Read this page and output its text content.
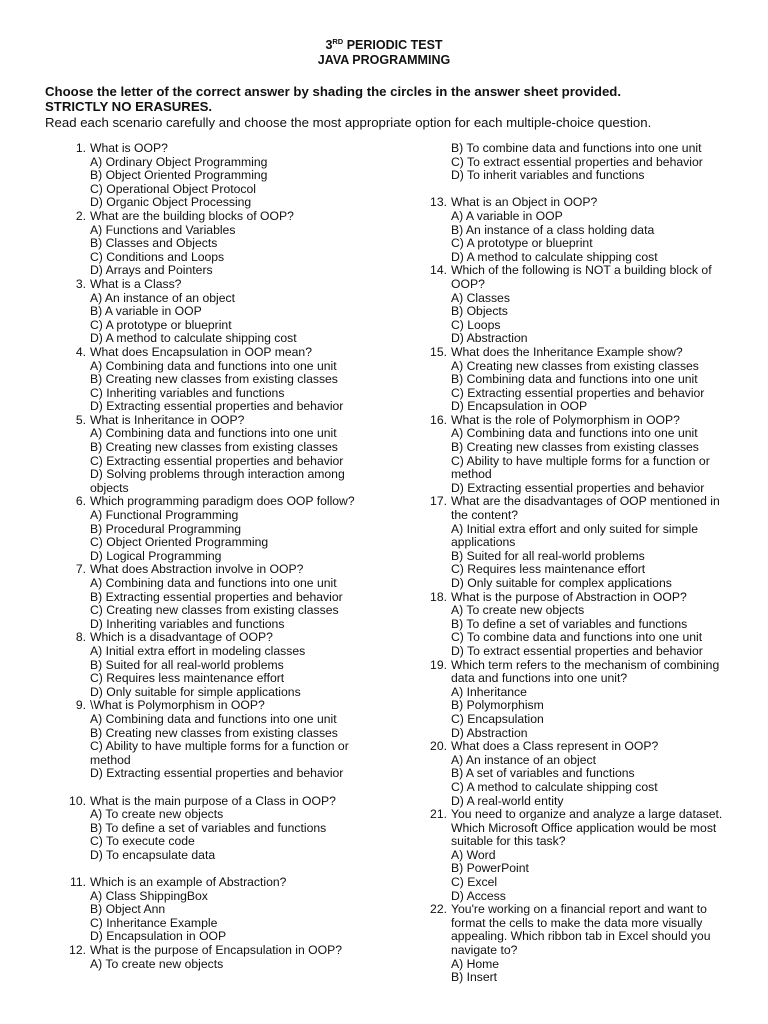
3RD PERIODIC TEST
JAVA PROGRAMMING
Choose the letter of the correct answer by shading the circles in the answer sheet provided.
STRICTLY NO ERASURES.
Read each scenario carefully and choose the most appropriate option for each multiple-choice question.
1. What is OOP?
A) Ordinary Object Programming
B) Object Oriented Programming
C) Operational Object Protocol
D) Organic Object Processing
2. What are the building blocks of OOP?
A) Functions and Variables
B) Classes and Objects
C) Conditions and Loops
D) Arrays and Pointers
3. What is a Class?
A) An instance of an object
B) A variable in OOP
C) A prototype or blueprint
D) A method to calculate shipping cost
4. What does Encapsulation in OOP mean?
A) Combining data and functions into one unit
B) Creating new classes from existing classes
C) Inheriting variables and functions
D) Extracting essential properties and behavior
5. What is Inheritance in OOP?
A) Combining data and functions into one unit
B) Creating new classes from existing classes
C) Extracting essential properties and behavior
D) Solving problems through interaction among objects
6. Which programming paradigm does OOP follow?
A) Functional Programming
B) Procedural Programming
C) Object Oriented Programming
D) Logical Programming
7. What does Abstraction involve in OOP?
A) Combining data and functions into one unit
B) Extracting essential properties and behavior
C) Creating new classes from existing classes
D) Inheriting variables and functions
8. Which is a disadvantage of OOP?
A) Initial extra effort in modeling classes
B) Suited for all real-world problems
C) Requires less maintenance effort
D) Only suitable for simple applications
9. \What is Polymorphism in OOP?
A) Combining data and functions into one unit
B) Creating new classes from existing classes
C) Ability to have multiple forms for a function or method
D) Extracting essential properties and behavior
10. What is the main purpose of a Class in OOP?
A) To create new objects
B) To define a set of variables and functions
C) To execute code
D) To encapsulate data
11. Which is an example of Abstraction?
A) Class ShippingBox
B) Object Ann
C) Inheritance Example
D) Encapsulation in OOP
12. What is the purpose of Encapsulation in OOP?
A) To create new objects
B) To combine data and functions into one unit
C) To extract essential properties and behavior
D) To inherit variables and functions
13. What is an Object in OOP?
A) A variable in OOP
B) An instance of a class holding data
C) A prototype or blueprint
D) A method to calculate shipping cost
14. Which of the following is NOT a building block of OOP?
A) Classes
B) Objects
C) Loops
D) Abstraction
15. What does the Inheritance Example show?
A) Creating new classes from existing classes
B) Combining data and functions into one unit
C) Extracting essential properties and behavior
D) Encapsulation in OOP
16. What is the role of Polymorphism in OOP?
A) Combining data and functions into one unit
B) Creating new classes from existing classes
C) Ability to have multiple forms for a function or method
D) Extracting essential properties and behavior
17. What are the disadvantages of OOP mentioned in the content?
A) Initial extra effort and only suited for simple applications
B) Suited for all real-world problems
C) Requires less maintenance effort
D) Only suitable for complex applications
18. What is the purpose of Abstraction in OOP?
A) To create new objects
B) To define a set of variables and functions
C) To combine data and functions into one unit
D) To extract essential properties and behavior
19. Which term refers to the mechanism of combining data and functions into one unit?
A) Inheritance
B) Polymorphism
C) Encapsulation
D) Abstraction
20. What does a Class represent in OOP?
A) An instance of an object
B) A set of variables and functions
C) A method to calculate shipping cost
D) A real-world entity
21. You need to organize and analyze a large dataset. Which Microsoft Office application would be most suitable for this task?
A) Word
B) PowerPoint
C) Excel
D) Access
22. You're working on a financial report and want to format the cells to make the data more visually appealing. Which ribbon tab in Excel should you navigate to?
A) Home
B) Insert
